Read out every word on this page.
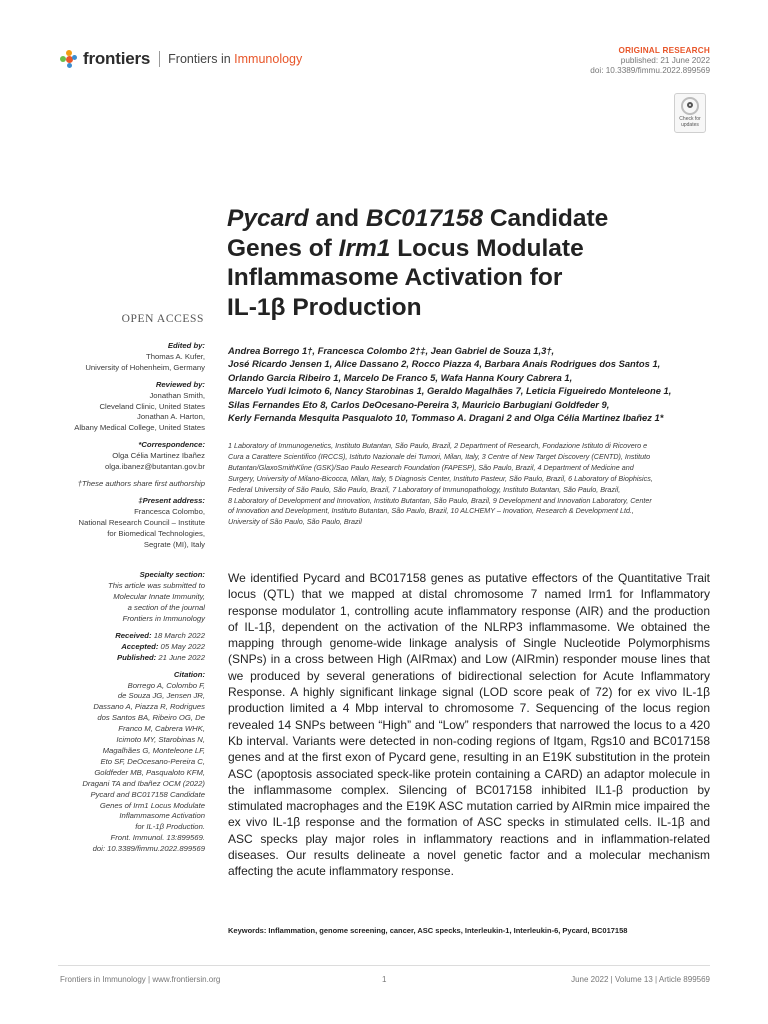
frontiers Frontiers in Immunology
ORIGINAL RESEARCH
published: 21 June 2022
doi: 10.3389/fimmu.2022.899569
Check for updates
Pycard and BC017158 Candidate
Genes of Irm1 Locus Modulate
Inflammasome Activation for
IL-1β Production
OPEN ACCESS
Edited by:
Thomas A. Kufer,
University of Hohenheim, Germany
Reviewed by:
Jonathan Smith,
Cleveland Clinic, United States
Jonathan A. Harton,
Albany Medical College, United States
*Correspondence:
Olga Célia Martinez Ibañez
olga.ibanez@butantan.gov.br
†These authors share first authorship
‡Present address:
Francesca Colombo,
National Research Council – Institute
for Biomedical Technologies,
Segrate (MI), Italy
Specialty section:
This article was submitted to
Molecular Innate Immunity,
a section of the journal
Frontiers in Immunology
Received: 18 March 2022
Accepted: 05 May 2022
Published: 21 June 2022
Citation:
Borrego A, Colombo F,
de Souza JG, Jensen JR,
Dassano A, Piazza R, Rodrigues
dos Santos BA, Ribeiro OG, De
Franco M, Cabrera WHK,
Icimoto MY, Starobinas N,
Magalhães G, Monteleone LF,
Eto SF, DeOcesano-Pereira C,
Goldfeder MB, Pasqualoto KFM,
Dragani TA and Ibañez OCM (2022)
Pycard and BC017158 Candidate
Genes of Irm1 Locus Modulate
Inflammasome Activation
for IL-1β Production.
Front. Immunol. 13:899569.
doi: 10.3389/fimmu.2022.899569
Andrea Borrego 1†, Francesca Colombo 2†‡, Jean Gabriel de Souza 1,3†,
José Ricardo Jensen 1, Alice Dassano 2, Rocco Piazza 4, Barbara Anais Rodrigues dos Santos 1,
Orlando Garcia Ribeiro 1, Marcelo De Franco 5, Wafa Hanna Koury Cabrera 1,
Marcelo Yudi Icimoto 6, Nancy Starobinas 1, Geraldo Magalhães 7, Leticia Figueiredo Monteleone 1,
Silas Fernandes Eto 8, Carlos DeOcesano-Pereira 3, Mauricio Barbugiani Goldfeder 9,
Kerly Fernanda Mesquita Pasqualoto 10, Tommaso A. Dragani 2 and Olga Célia Martinez Ibañez 1*
1 Laboratory of Immunogenetics, Instituto Butantan, São Paulo, Brazil, 2 Department of Research, Fondazione Istituto di Ricovero e
Cura a Carattere Scientifico (IRCCS), Istituto Nazionale dei Tumori, Milan, Italy, 3 Centre of New Target Discovery (CENTD), Instituto
Butantan/GlaxoSmithKline (GSK)/Sao Paulo Research Foundation (FAPESP), São Paulo, Brazil, 4 Department of Medicine and
Surgery, University of Milano-Bicocca, Milan, Italy, 5 Diagnosis Center, Instituto Pasteur, São Paulo, Brazil, 6 Laboratory of Biophisics,
Federal University of São Paulo, São Paulo, Brazil, 7 Laboratory of Immunopathology, Instituto Butantan, São Paulo, Brazil,
8 Laboratory of Development and Innovation, Instituto Butantan, São Paulo, Brazil, 9 Development and Innovation Laboratory, Center
of Innovation and Development, Instituto Butantan, São Paulo, Brazil, 10 ALCHEMY – Inovation, Research & Development Ltd.,
University of São Paulo, São Paulo, Brazil
We identified Pycard and BC017158 genes as putative effectors of the Quantitative Trait locus (QTL) that we mapped at distal chromosome 7 named Irm1 for Inflammatory response modulator 1, controlling acute inflammatory response (AIR) and the production of IL-1β, dependent on the activation of the NLRP3 inflammasome. We obtained the mapping through genome-wide linkage analysis of Single Nucleotide Polymorphisms (SNPs) in a cross between High (AIRmax) and Low (AIRmin) responder mouse lines that we produced by several generations of bidirectional selection for Acute Inflammatory Response. A highly significant linkage signal (LOD score peak of 72) for ex vivo IL-1β production limited a 4 Mbp interval to chromosome 7. Sequencing of the locus region revealed 14 SNPs between “High” and “Low” responders that narrowed the locus to a 420 Kb interval. Variants were detected in non-coding regions of Itgam, Rgs10 and BC017158 genes and at the first exon of Pycard gene, resulting in an E19K substitution in the protein ASC (apoptosis associated speck-like protein containing a CARD) an adaptor molecule in the inflammasome complex. Silencing of BC017158 inhibited IL1-β production by stimulated macrophages and the E19K ASC mutation carried by AIRmin mice impaired the ex vivo IL-1β response and the formation of ASC specks in stimulated cells. IL-1β and ASC specks play major roles in inflammatory reactions and in inflammation-related diseases. Our results delineate a novel genetic factor and a molecular mechanism affecting the acute inflammatory response.
Keywords: Inflammation, genome screening, cancer, ASC specks, Interleukin-1, Interleukin-6, Pycard, BC017158
Frontiers in Immunology | www.frontiersin.org	1	June 2022 | Volume 13 | Article 899569
